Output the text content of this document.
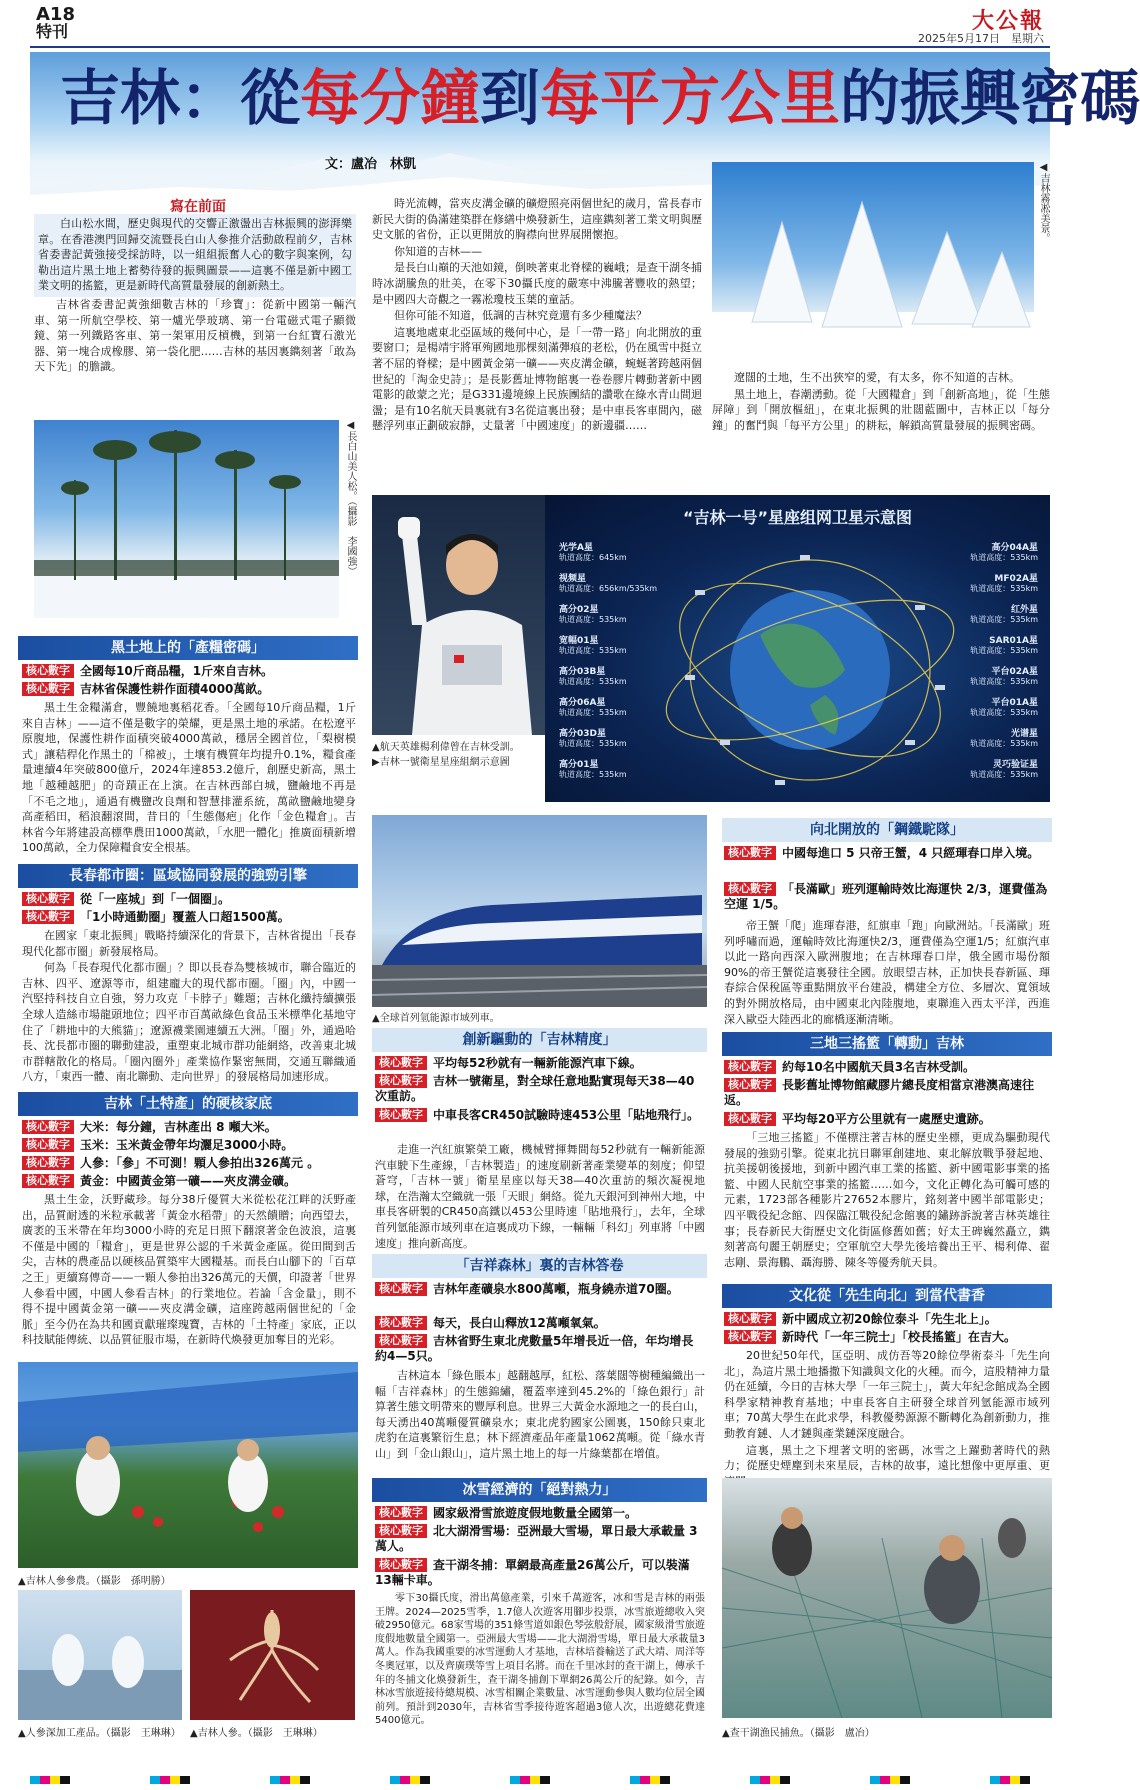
A18
特刊	大公報
2025年5月17日　星期六
吉林：從每分鐘到每平方公里的振興密碼
文：盧冶　林凱
寫在前面

白山松水間，歷史與現代的交響正激盪出吉林振興的澎湃樂章。在香港澳門回歸交流暨長白山人參推介活動啟程前夕，吉林省委書記黃強接受採訪時，以一組組振奮人心的數字與案例，勾勒出這片黑土地上蓄勢待發的振興圖景——這裏不僅是新中國工業文明的搖籃，更是新時代高質量發展的創新熱土。

吉林省委書記黃強細數吉林的「珍寶」：從新中國第一輛汽車、第一所航空學校、第一爐光學玻璃、第一台電磁式電子顯微鏡、第一列鐵路客車、第一架軍用反槓機，到第一台紅寶石激光器、第一塊合成橡膠、第一袋化肥……吉林的基因裏鐫刻著「敢為天下先」的膽識。

◀長白山美人松。（攝影　李國強）

時光流轉，當夾皮溝金礦的礦燈照亮兩個世紀的歲月，當長春市新民大街的偽滿建築群在修繕中煥發新生，這座鐫刻著工業文明與歷史文脈的省份，正以更開放的胸襟向世界展開懷抱。

你知道的吉林——

是長白山巔的天池如鏡，倒映著東北脊樑的巍峨；是查干湖冬捕時冰湖騰魚的壯美，在零下30攝氏度的嚴寒中沸騰著豐收的熱望；是中國四大奇觀之一霧凇瓊枝玉葉的童話。

但你可能不知道，低調的吉林究竟還有多少種魔法？

這裏地處東北亞區域的幾何中心，是「一帶一路」向北開放的重要窗口；是楊靖宇將軍殉國地那棵刻滿彈痕的老松，仍在風雪中挺立著不屈的脊樑；是中國黃金第一礦——夾皮溝金礦，蜿蜒著跨越兩個世紀的「淘金史詩」；是長影舊址博物館裏一卷卷膠片轉動著新中國電影的啟蒙之光；是G331邊境線上民族團結的讚歌在綠水青山間迴盪；是有10名航天員裏就有3名從這裏出發；是中車長客車間內，磁懸浮列車正劃破寂靜，丈量著「中國速度」的新邊疆……

◀吉林霧凇美景。

遼闊的土地，生不出狹窄的愛，有太多，你不知道的吉林。

黑土地上，春潮湧動。從「大國糧倉」到「創新高地」，從「生態屏障」到「開放樞紐」，在東北振興的壯闊藍圖中，吉林正以「每分鐘」的奮鬥與「每平方公里」的耕耘，解鎖高質量發展的振興密碼。

▲航天英雄楊利偉曾在吉林受訓。
▶吉林一號衛星星座組網示意圖
“吉林一号”星座组网卫星示意图
光学A星
轨道高度：645km
视频星
轨道高度：656km/535km
高分02星
轨道高度：535km
宽幅01星
轨道高度：535km
高分03B星
轨道高度：535km
高分06A星
轨道高度：535km
高分03D星
轨道高度：535km
高分01星
轨道高度：535km
高分04A星
轨道高度：535km
MF02A星
轨道高度：535km
红外星
轨道高度：535km
SAR01A星
轨道高度：535km
平台02A星
轨道高度：535km
平台01A星
轨道高度：535km
光谱星
轨道高度：535km
灵巧验证星
轨道高度：535km
▲全球首列氫能源市域列車。
黑土地上的「產糧密碼」
核心數字 全國每10斤商品糧，1斤來自吉林。
核心數字 吉林省保護性耕作面積4000萬畝。

黑土生金糧滿倉，豐饒地裏稻花香。「全國每10斤商品糧，1斤來自吉林」——這不僅是數字的榮耀，更是黑土地的承諾。在松遼平原腹地，保護性耕作面積突破4000萬畝，穩居全國首位，「梨樹模式」讓秸稈化作黑土的「棉被」，土壤有機質年均提升0.1%，糧食產量連續4年突破800億斤，2024年達853.2億斤，創歷史新高，黑土地「越種越肥」的奇蹟正在上演。在吉林西部白城，鹽鹼地不再是「不毛之地」，通過有機鹽改良劑和智慧排灌系統，萬畝鹽鹼地變身高產稻田，稻浪翻滾間，昔日的「生態傷疤」化作「金色糧倉」。吉林省今年將建設高標準農田1000萬畝，「水肥一體化」推廣面積新增100萬畝，全力保障糧食安全根基。

長春都市圈：區域協同發展的強勁引擎
核心數字 從「一座城」到「一個圈」。
核心數字 「1小時通勤圈」覆蓋人口超1500萬。

在國家「東北振興」戰略持續深化的背景下，吉林省提出「長春現代化都市圈」新發展格局。

何為「長春現代化都市圈」？即以長春為雙核城市，聯合臨近的吉林、四平、遼源等市，組建龐大的現代都市圈。「圈」內，中國一汽堅持科技自立自強，努力攻克「卡脖子」難題；吉林化纖持續擴張全球人造絲市場龍頭地位；四平市百萬畝綠色食品玉米標準化基地守住了「耕地中的大熊貓」；遼源襪業園連續五大洲。「圈」外，通過哈長、沈長都市圈的聯動建設，重塑東北城市群功能網絡，改善東北城市群轄散化的格局。「圈內圈外」產業協作緊密無間，交通互聯織通八方，「東西一體、南北聯動、走向世界」的發展格局加速形成。

吉林「土特產」的硬核家底
核心數字 大米：每分鐘，吉林產出 8 噸大米。
核心數字 玉米：玉米黃金帶年均灑足3000小時。
核心數字 人參：「參」不可測！顆人參拍出326萬元 。
核心數字 黃金：中國黃金第一礦——夾皮溝金礦。

黑土生金，沃野藏珍。每分38斤優質大米從松花江畔的沃野產出，品質耐透的米粒承載著「黃金水稻帶」的天然饋贈；向西望去，廣袤的玉米帶在年均3000小時的充足日照下翻滾著金色波浪，這裏不僅是中國的「糧倉」，更是世界公認的千米黃金產區。從田間到舌尖，吉林的農產品以硬核品質築牢大國糧基。而長白山腳下的「百草之王」更續寫傳奇——一顆人參拍出326萬元的天價，印證著「世界人參看中國，中國人參看吉林」的行業地位。若論「含金量」，則不得不提中國黃金第一礦——夾皮溝金礦，這座跨越兩個世紀的「金脈」至今仍在為共和國貢獻璀璨瑰寶，吉林的「土特產」家底，正以科技賦能傳統、以品質征服市場，在新時代煥發更加奪目的光彩。

▲吉林人參參農。（攝影　孫明勝）
▲人參深加工產品。（攝影　王琳琳） ▲吉林人參。（攝影　王琳琳）
創新驅動的「吉林精度」
核心數字 平均每52秒就有一輛新能源汽車下線。
核心數字 吉林一號衛星，對全球任意地點實現每天38—40次重訪。
核心數字 中車長客CR450試驗時速453公里「貼地飛行」。

走進一汽紅旗繁榮工廠，機械臂揮舞間每52秒就有一輛新能源汽車駛下生產線，「吉林製造」的速度刷新著產業變革的刻度；仰望蒼穹，「吉林一號」衛星星座以每天38—40次重訪的頻次凝視地球，在浩瀚太空織就一張「天眼」網絡。從九天銀河到神州大地，中車長客研製的CR450高鐵以453公里時速「貼地飛行」，去年，全球首列氫能源市域列車在這裏成功下線，一輛輛「科幻」列車將「中國速度」推向新高度。

「吉祥森林」裏的吉林答卷
核心數字 吉林年產礦泉水800萬噸，瓶身繞赤道70圈。
核心數字 每天，長白山釋放12萬噸氧氣。
核心數字 吉林省野生東北虎數量5年增長近一倍，年均增長約4—5只。

吉林這本「綠色賬本」越翻越厚，紅松、落葉闊等樹種編織出一幅「吉祥森林」的生態錦繡，覆蓋率達到45.2%的「綠色銀行」計算著生態文明帶來的豐厚利息。世界三大黃金水源地之一的長白山，每天湧出40萬噸優質礦泉水；東北虎豹國家公園裏，150餘只東北虎豹在這裏繁衍生息；林下經濟產品年產量1062萬噸。從「綠水青山」到「金山銀山」，這片黑土地上的每一片綠葉都在增值。

冰雪經濟的「絕對熱力」
核心數字 國家級滑雪旅遊度假地數量全國第一。
核心數字 北大湖滑雪場：亞洲最大雪場，單日最大承載量 3 萬人。
核心數字 查干湖冬捕：單網最高產量26萬公斤，可以裝滿13輛卡車。

零下30攝氏度，滑出萬億產業，引來千萬遊客，冰和雪是吉林的兩張王牌。2024—2025雪季，1.7億人次遊客用腳步投票，冰雪旅遊總收入突破2950億元。68家雪場的351條雪道如銀色琴弦般舒展，國家級滑雪旅遊度假地數量全國第一。亞洲最大雪場——北大湖滑雪場，單日最大承載量3萬人。作為我國重要的冰雪運動人才基地，吉林培養輸送了武大靖、周洋等冬奧冠軍，以及齊廣璞等雪上項目名將。而在千里冰封的查干湖上，傳承千年的冬捕文化煥發新生，查干湖冬捕創下單網26萬公斤的紀錄。如今，吉林冰雪旅遊接待總規模、冰雪相關企業數量、冰雪運動參與人數均位居全國前列。預計到2030年，吉林省雪季接待遊客超過3億人次，出遊總花費達5400億元。

向北開放的「鋼鐵駝隊」
核心數字 中國每進口 5 只帝王蟹，4 只經琿春口岸入境。
核心數字 「長滿歐」班列運輸時效比海運快 2/3，運費僅為空運 1/5。

帝王蟹「爬」進琿春港，紅旗車「跑」向歐洲站。「長滿歐」班列呼嘯而過，運輸時效比海運快2/3，運費僅為空運1/5；紅旗汽車以此一路向西深入歐洲腹地；在吉林琿春口岸，俄全國市場份額90%的帝王蟹從這裏發往全國。放眼望吉林，正加快長春新區、琿春綜合保稅區等重點開放平台建設，構建全方位、多層次、寬領域的對外開放格局，由中國東北內陸腹地，東聯進入西太平洋，西進深入歐亞大陸西北的廊橋逐漸清晰。

三地三搖籃「轉動」吉林
核心數字 約每10名中國航天員3名吉林受訓。
核心數字 長影舊址博物館藏膠片總長度相當京港澳高速往返。
核心數字 平均每20平方公里就有一處歷史遺跡。

「三地三搖籃」不僅標注著吉林的歷史坐標，更成為驅動現代發展的強勁引擎。從東北抗日聯軍創建地、東北解放戰爭發起地、抗美援朝後援地，到新中國汽車工業的搖籃、新中國電影事業的搖籃、中國人民航空事業的搖籃……如今，文化正轉化為可觸可感的元素，1723部各種影片27652本膠片，銘刻著中國半部電影史；四平戰役紀念館、四保臨江戰役紀念館裏的鏽跡訴說著吉林英雄往事；長春新民大街歷史文化街區修舊如舊；好太王碑巍然矗立，鐫刻著高句麗王朝歷史；空軍航空大學先後培養出王平、楊利偉、翟志剛、景海鵬、聶海勝、陳冬等優秀航天員。

文化從「先生向北」到當代書香
核心數字 新中國成立初20餘位泰斗「先生北上」。
核心數字 新時代「一年三院士」「校長搖籃」在吉大。

20世紀50年代，匡亞明、成仿吾等20餘位學術泰斗「先生向北」，為這片黑土地播撒下知識與文化的火種。而今，這股精神力量仍在延續，今日的吉林大學「一年三院士」，黃大年紀念館成為全國科學家精神教育基地；中車長客自主研發全球首列氫能源市域列車；70萬大學生在此求學，科教優勢源源不斷轉化為創新動力，推動教育鏈、人才鏈與產業鏈深度融合。

這裏，黑土之下埋著文明的密碼，冰雪之上躍動著時代的熱力；從歷史煙塵到未來星辰，吉林的故事，遠比想像中更厚重、更

▲查干湖漁民捕魚。（攝影　盧冶）
